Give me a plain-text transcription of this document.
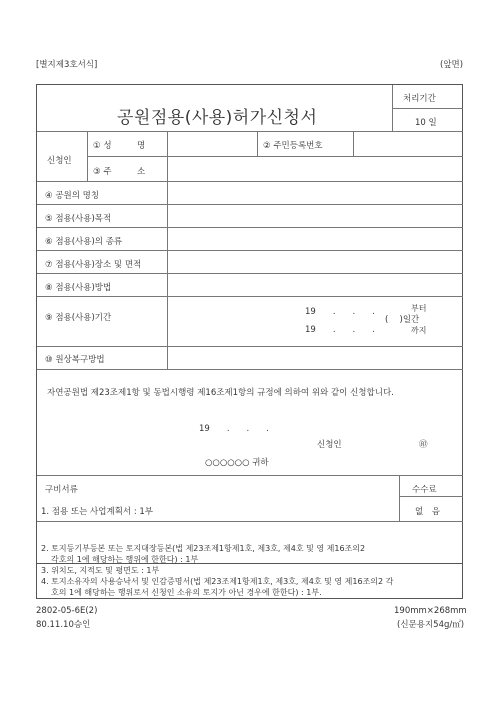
[별지제3호서식]	(앞면)
공원점용(사용)허가신청서
처리기간
10 일
신청인
① 성　　　명	② 주민등록번호
③ 주　　　소
④ 공원의 명칭
⑤ 점용(사용)목적
⑥ 점용(사용)의 종류
⑦ 점용(사용)장소 및 면적
⑧ 점용(사용)방법
⑨ 점용(사용)기간
19　　.　　.　　.	부터
(　 )일간
19　　.　　.　　.	까지
⑩ 원상복구방법
자연공원법 제23조제1항 및 동법시행령 제16조제1항의 규정에 의하여 위와 같이 신청합니다.
19　　.　　.　　.
신청인	㊞
○○○○○○ 귀하
구비서류	수수료
없　음
1. 점용 또는 사업계획서 : 1부
2. 토지등기부등본 또는 토지대장등본(법 제23조제1항제1호, 제3호, 제4호 및 영 제16조의2
각호의 1에 해당하는 행위에 한한다) : 1부
3. 위치도, 지적도 및 평면도 : 1부
4. 토지소유자의 사용승낙서 및 인감증명서(법 제23조제1항제1호, 제3호, 제4호 및 영 제16조의2 각
호의 1에 해당하는 행위로서 신청인 소유의 토지가 아닌 경우에 한한다) : 1부.
2802-05-6E(2)
80.11.10승인
190mm×268mm
(신문용지54g/㎡)
